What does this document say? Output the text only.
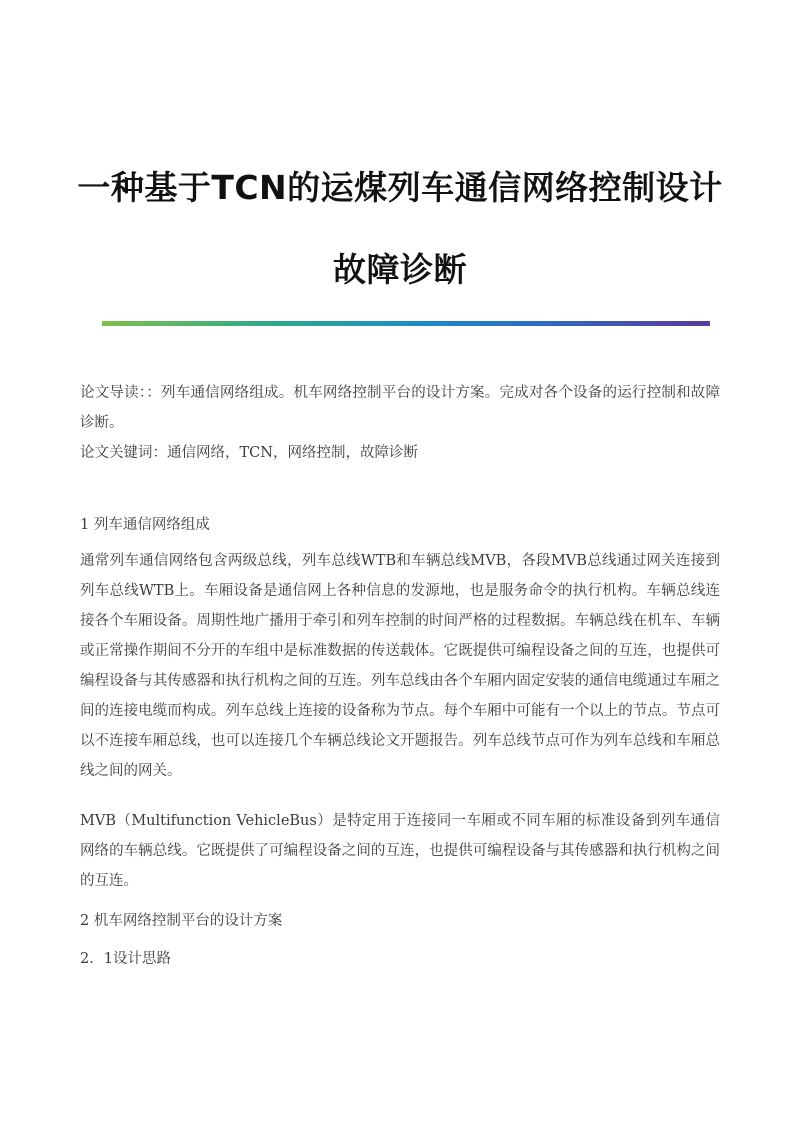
一种基于TCN的运煤列车通信网络控制设计
故障诊断
论文导读：：列车通信网络组成。机车网络控制平台的设计方案。完成对各个设备的运行控制和故障诊断。
论文关键词：通信网络，TCN，网络控制，故障诊断
1 列车通信网络组成
通常列车通信网络包含两级总线，列车总线WTB和车辆总线MVB，各段MVB总线通过网关连接到列车总线WTB上。车厢设备是通信网上各种信息的发源地，也是服务命令的执行机构。车辆总线连接各个车厢设备。周期性地广播用于牵引和列车控制的时间严格的过程数据。车辆总线在机车、车辆或正常操作期间不分开的车组中是标准数据的传送载体。它既提供可编程设备之间的互连，也提供可编程设备与其传感器和执行机构之间的互连。列车总线由各个车厢内固定安装的通信电缆通过车厢之间的连接电缆而构成。列车总线上连接的设备称为节点。每个车厢中可能有一个以上的节点。节点可以不连接车厢总线，也可以连接几个车辆总线论文开题报告。列车总线节点可作为列车总线和车厢总线之间的网关。
MVB（Multifunction VehicleBus）是特定用于连接同一车厢或不同车厢的标准设备到列车通信网络的车辆总线。它既提供了可编程设备之间的互连，也提供可编程设备与其传感器和执行机构之间的互连。
2 机车网络控制平台的设计方案
2．1设计思路
